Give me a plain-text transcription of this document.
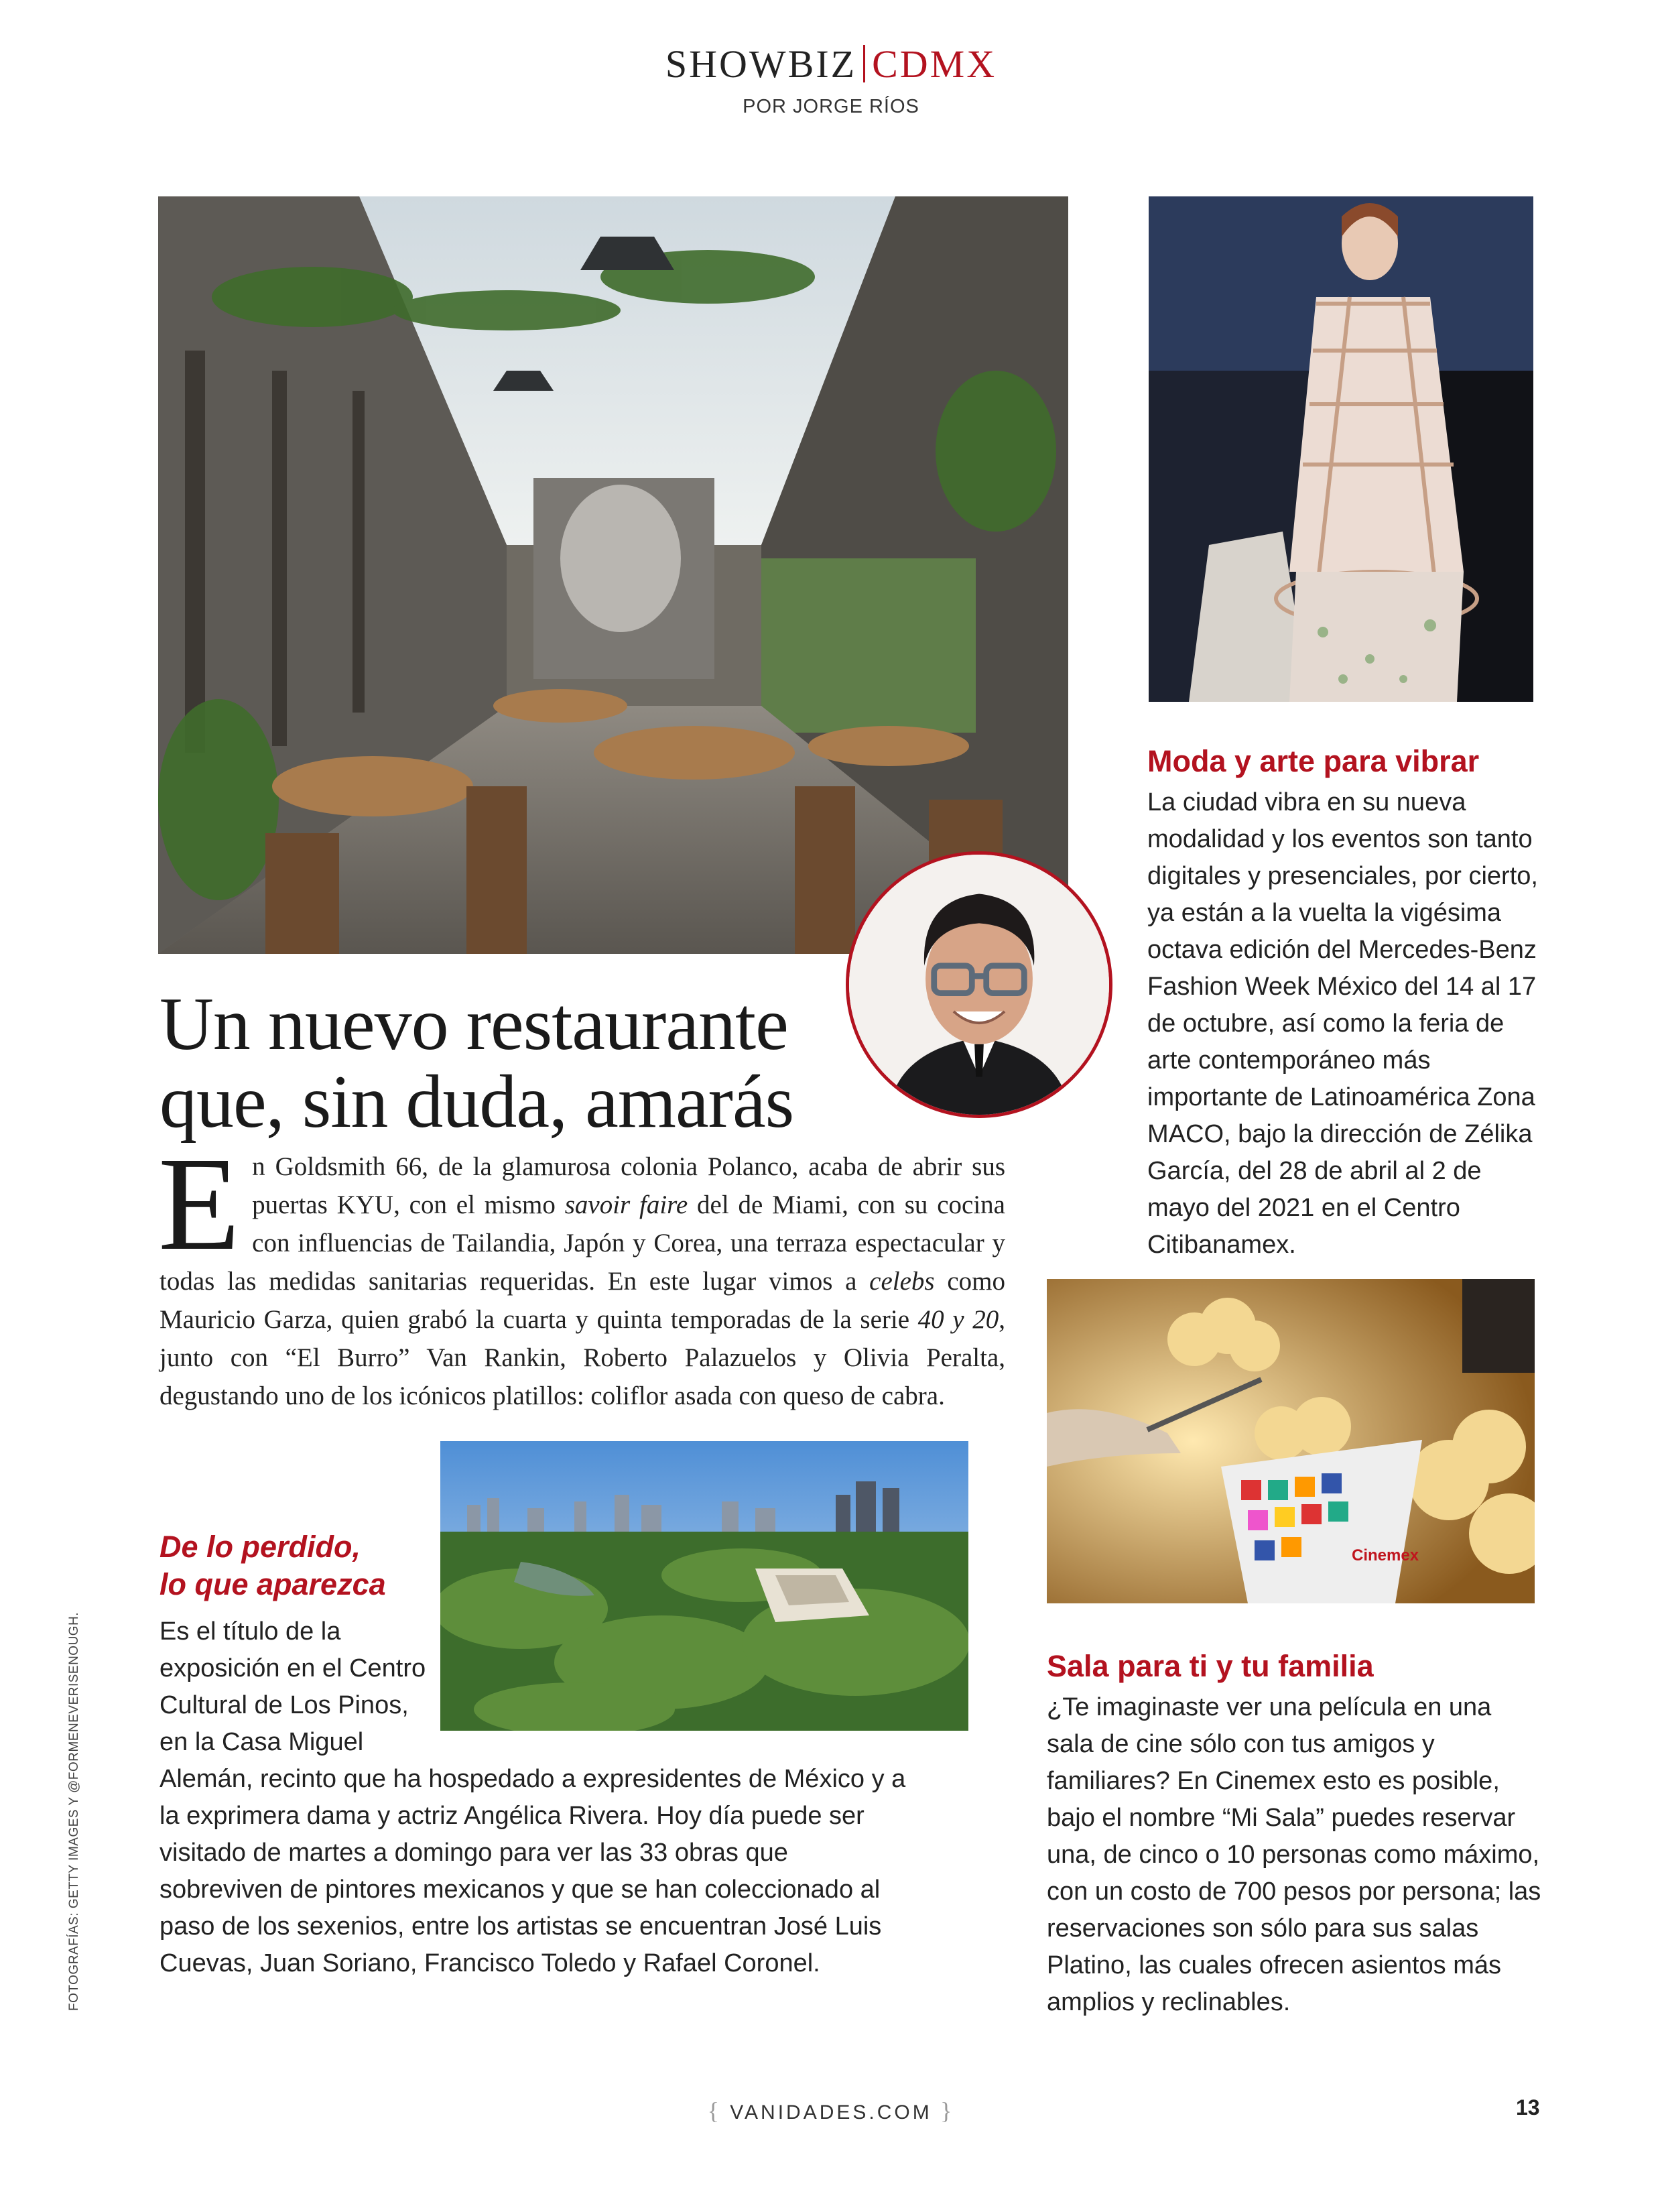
SHOWBIZ CDMX
POR JORGE RÍOS
Un nuevo restaurante
que, sin duda, amarás
En Goldsmith 66, de la glamurosa colonia Polanco, acaba de abrir sus puertas KYU, con el mismo savoir faire del de Miami, con su cocina con influencias de Tailandia, Japón y Corea, una terraza espectacular y todas las medidas sanitarias requeridas. En este lugar vimos a celebs como Mauricio Garza, quien grabó la cuarta y quinta temporadas de la serie 40 y 20, junto con “El Burro” Van Rankin, Roberto Palazuelos y Olivia Peralta, degustando uno de los icónicos platillos: coliflor asada con queso de cabra.
Moda y arte para vibrar
La ciudad vibra en su nueva modalidad y los eventos son tanto digitales y presenciales, por cierto, ya están a la vuelta la vigésima octava edición del Mercedes-Benz Fashion Week México del 14 al 17 de octubre, así como la feria de arte contemporáneo más importante de Latinoamérica Zona MACO, bajo la dirección de Zélika García, del 28 de abril al 2 de mayo del 2021 en el Centro Citibanamex.
Cinemex
Sala para ti y tu familia
¿Te imaginaste ver una película en una sala de cine sólo con tus amigos y familiares? En Cinemex esto es posible, bajo el nombre “Mi Sala” puedes reservar una, de cinco o 10 personas como máximo, con un costo de 700 pesos por persona; las reservaciones son sólo para sus salas Platino, las cuales ofrecen asientos más amplios y reclinables.
De lo perdido,
lo que aparezca
Es el título de la exposición en el Centro Cultural de Los Pinos, en la Casa Miguel
Alemán, recinto que ha hospedado a expresidentes de México y a la exprimera dama y actriz Angélica Rivera. Hoy día puede ser visitado de martes a domingo para ver las 33 obras que sobreviven de pintores mexicanos y que se han coleccionado al paso de los sexenios, entre los artistas se encuentran José Luis Cuevas, Juan Soriano, Francisco Toledo y Rafael Coronel.
FOTOGRAFÍAS: GETTY IMAGES Y @FORMENEVERISENOUGH.
{ VANIDADES.COM }	13
